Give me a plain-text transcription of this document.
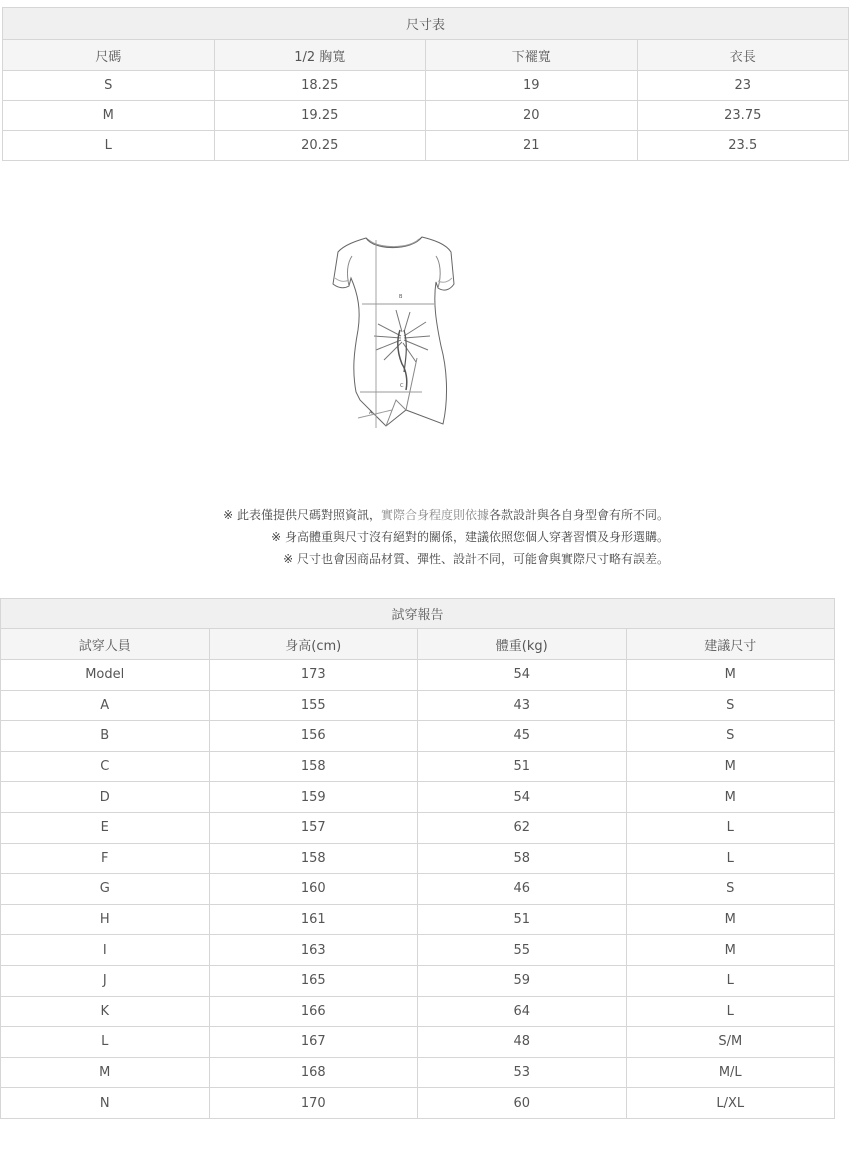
尺寸表			
尺碼	1/2 胸寬	下襬寬	衣長
S	18.25	19	23
M	19.25	20	23.75
L	20.25	21	23.5
B
C
A
※ 此表僅提供尺碼對照資訊，實際合身程度則依據各款設計與各自身型會有所不同。
※ 身高體重與尺寸沒有絕對的關係，建議依照您個人穿著習慣及身形選購。
※ 尺寸也會因商品材質、彈性、設計不同，可能會與實際尺寸略有誤差。
試穿報告			
試穿人員	身高(cm)	體重(kg)	建議尺寸
Model	173	54	M
A	155	43	S
B	156	45	S
C	158	51	M
D	159	54	M
E	157	62	L
F	158	58	L
G	160	46	S
H	161	51	M
I	163	55	M
J	165	59	L
K	166	64	L
L	167	48	S/M
M	168	53	M/L
N	170	60	L/XL
